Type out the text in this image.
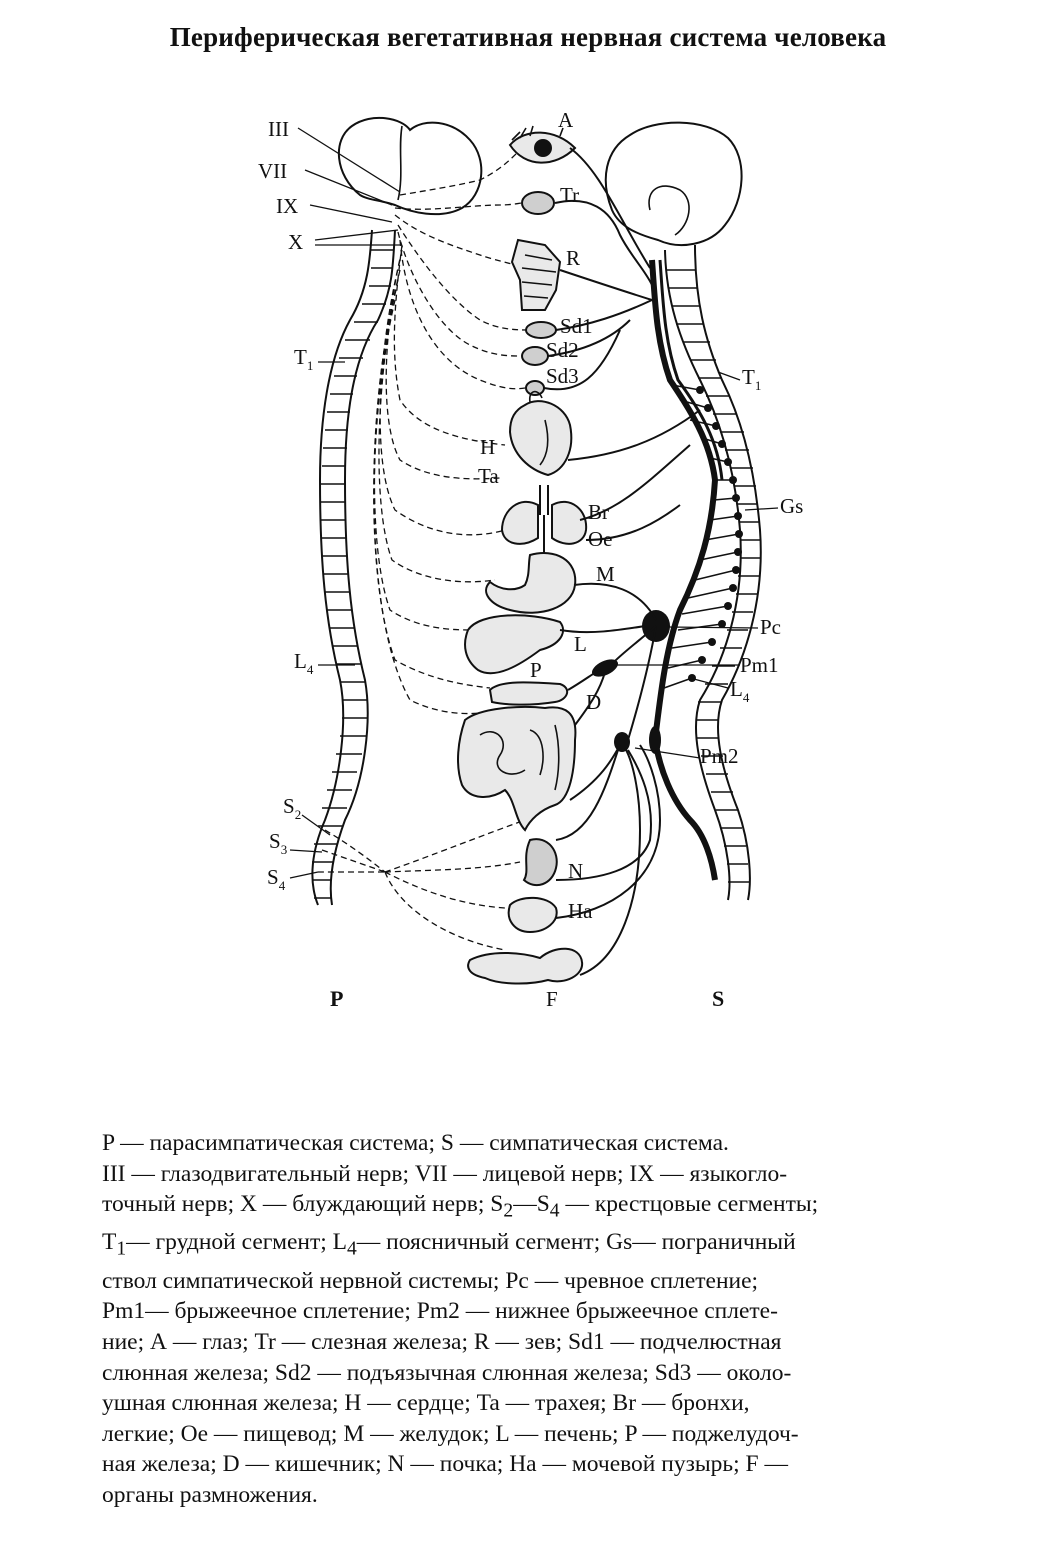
Периферическая вегетативная нервная система человека
III
VII
IX
X
$T_1$
$L_4$
$S_2$
$S_3$
$S_4$
A
Tr
R
Sd1
Sd2
Sd3
H
Ta
Br
Oe
M
L
P
D
N
Ha
$T_1$
Gs
Pc
Pm1
$L_4$
Pm2
P	F	S

P — парасимпатическая система; S — симпатическая система.

III — глазодвигательный нерв; VII — лицевой нерв; IX — языкогло-

точный нерв; X — блуждающий нерв; $S_2—S_4$ — крестцовые сегменты;

$T_1—$ грудной сегмент; $L_4—$ поясничный сегмент; Gs— пограничный

ствол симпатической нервной системы; Pc — чревное сплетение;

Pm1— брыжеечное сплетение; Pm2 — нижнее брыжеечное сплете-

ние; А — глаз; Tr — слезная железа; R — зев; Sd1 — подчелюстная

слюнная железа; Sd2 — подъязычная слюнная железа; Sd3 — около-

ушная слюнная железа; H — сердце; Ta — трахея; Br — бронхи,

легкие; Oe — пищевод; M — желудок; L — печень; P — поджелудоч-

ная железа; D — кишечник; N — почка; Ha — мочевой пузырь; F —

органы размножения.
